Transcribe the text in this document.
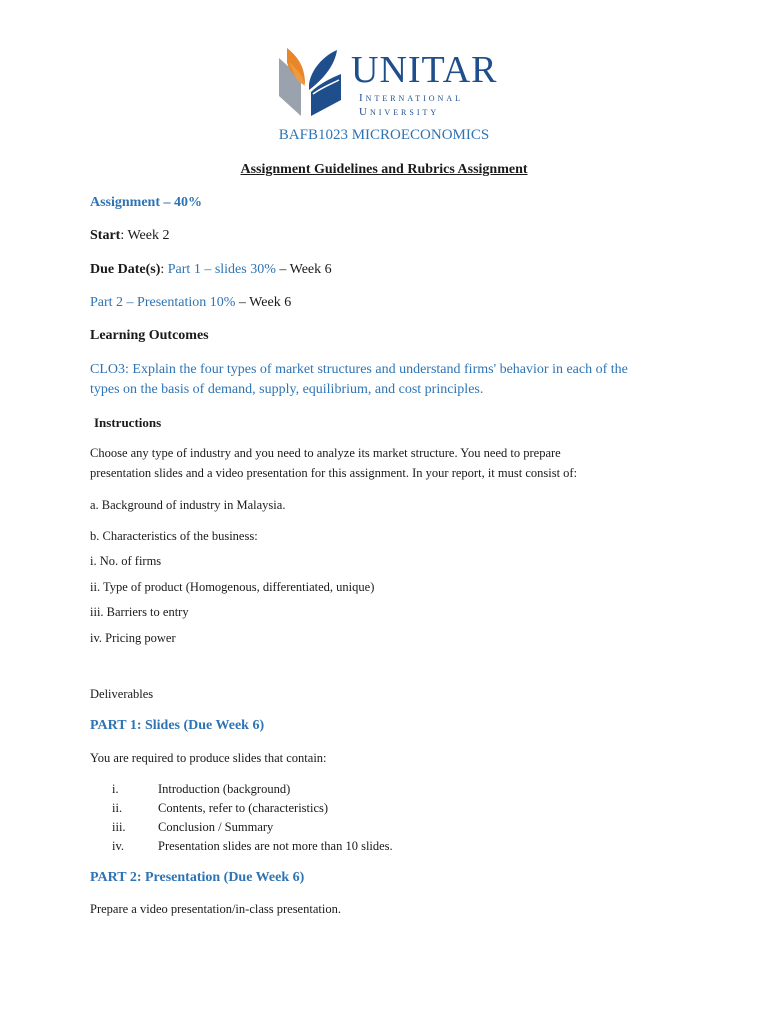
UNITAR
International
University
BAFB1023 MICROECONOMICS
Assignment Guidelines and Rubrics Assignment
Assignment – 40%
Start: Week 2
Due Date(s): Part 1 – slides 30% – Week 6
Part 2 – Presentation 10% – Week 6
Learning Outcomes
CLO3: Explain the four types of market structures and understand firms' behavior in each of the
types on the basis of demand, supply, equilibrium, and cost principles.
Instructions
Choose any type of industry and you need to analyze its market structure. You need to prepare
presentation slides and a video presentation for this assignment. In your report, it must consist of:
a. Background of industry in Malaysia.
b. Characteristics of the business:
i. No. of firms
ii. Type of product (Homogenous, differentiated, unique)
iii. Barriers to entry
iv. Pricing power
Deliverables
PART 1: Slides (Due Week 6)
You are required to produce slides that contain:
i.	Introduction (background)
ii.	Contents, refer to (characteristics)
iii.	Conclusion / Summary
iv.	Presentation slides are not more than 10 slides.
PART 2: Presentation (Due Week 6)
Prepare a video presentation/in-class presentation.
